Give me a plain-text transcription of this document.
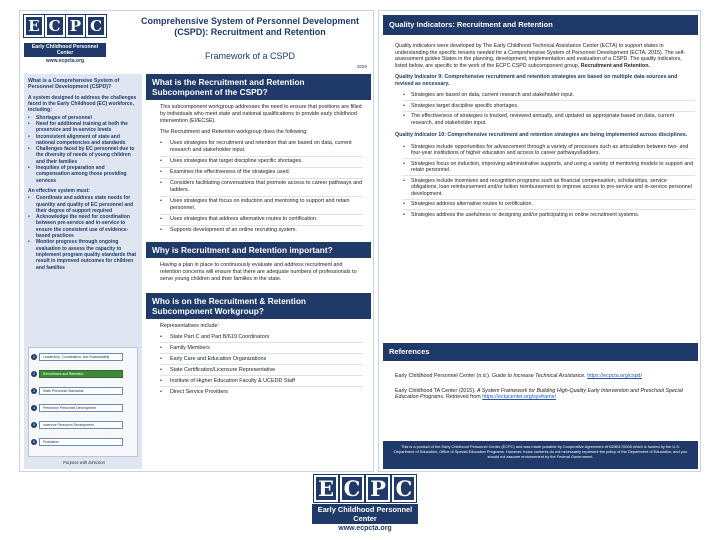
E C P C
Early Childhood Personnel Center
www.ecpcta.org
Comprehensive System of Personnel Development (CSPD): Recruitment and Retention
Framework of a CSPD
2020
What is a Comprehensive System of Personnel Development (CSPD)?

A system designed to address the challenges faced in the Early Childhood (EC) workforce, including:

• Shortages of personnel
• Need for additional training at both the preservice and in-service levels
• Inconsistent alignment of state and national competencies and standards
• Challenges faced by EC personnel due to the diversity of needs of young children and their families
• Inequities of preparation and compensation among those providing services

An effective system must:

• Coordinate and address state needs for quantity and quality of EC personnel and their degree of support required
• Acknowledge the need for coordination between pre-service and in-service to ensure the consistent use of evidence-based practices
• Monitor progress through ongoing evaluation to assess the capacity to implement program quality standards that result in improved outcomes for children and families
1	Leadership, Coordination, and Sustainability
2	Recruitment and Retention
3	State Personnel Standards
4	Preservice Personnel Development
5	Inservice Personnel Development
6	Evaluation
Purpose with Direction
What is the Recruitment and Retention Subcomponent of the CSPD?

This subcomponent workgroup addresses the need to ensure that positions are filled by individuals who meet state and national qualifications to provide early childhood intervention (EI/ECSE).

The Recruitment and Retention workgroup does the following:

• Uses strategies for recruitment and retention that are based on data, current research and stakeholder input.
• Uses strategies that target discipline specific shortages.
• Examines the effectiveness of the strategies used.
• Considers facilitating conversations that promote access to career pathways and ladders.
• Uses strategies that focus on induction and mentoring to support and retain personnel.
• Uses strategies that address alternative routes to certification.
• Supports development of an online recruiting system.
Why is Recruitment and Retention important?

Having a plan in place to continuously evaluate and address recruitment and retention concerns will ensure that there are adequate numbers of professionals to serve young children and their families in the state.

Who is on the Recruitment & Retention Subcomponent Workgroup?

Representatives include:

• State Part C and Part B/619 Coordinators
• Family Members
• Early Care and Education Organizations
• State Certification/Licensure Representative
• Institute of Higher Education Faculty & UCEDD Staff
• Direct Service Providers
Quality Indicators: Recruitment and Retention

Quality indicators were developed by The Early Childhood Technical Assistance Center (ECTA) to support states in understanding the specific tenants needed for a Comprehensive System of Personnel Development (ECTA, 2015). The self-assessment guides States in the planning, development, implementation and evaluation of a CSPD. The quality indicators, listed below, are specific to the work of the ECPC CSPD subcomponent group, Recruitment and Retention.

Quality Indicator 9: Comprehensive recruitment and retention strategies are based on multiple data sources and revised as necessary.

• Strategies are based on data, current research and stakeholder input.
• Strategies target discipline specific shortages.
• The effectiveness of strategies is tracked, reviewed annually, and updated as appropriate based on data, current research, and stakeholder input.

Quality Indicator 10: Comprehensive recruitment and retention strategies are being implemented across disciplines.

• Strategies include opportunities for advancement through a variety of processes such as articulation between two- and four-year institutions of higher education and access to career pathways/ladders.
• Strategies focus on induction, improving administrative supports, and using a variety of mentoring models to support and retain personnel.
• Strategies include incentives and recognition programs such as financial compensation, scholarships, service obligations, loan reimbursement and/or tuition reimbursement to improve access to pre-service and in-service personnel development.
• Strategies address alternative routes to certification.
• Strategies address the usefulness or designing and/or participating in online recruitment systems.
References

Early Childhood Personnel Center (n.d.). Guide to Increase Technical Assistance. https://ecpcta.org/cspd/

Early Childhood TA Center (2015). A System Framework for Building High-Quality Early Intervention and Preschool Special Education Programs. Retrieved from https://ectacenter.org/sysframe/

This is a product of the Early Childhood Personnel Center (ECPC) and was made possible by Cooperative Agreement #H325B170008 which is funded by the U.S. Department of Education, Office of Special Education Programs. However, those contents do not necessarily represent the policy of the Department of Education, and you should not assume endorsement by the Federal Government.
E C P C
Early Childhood Personnel Center
www.ecpcta.org
